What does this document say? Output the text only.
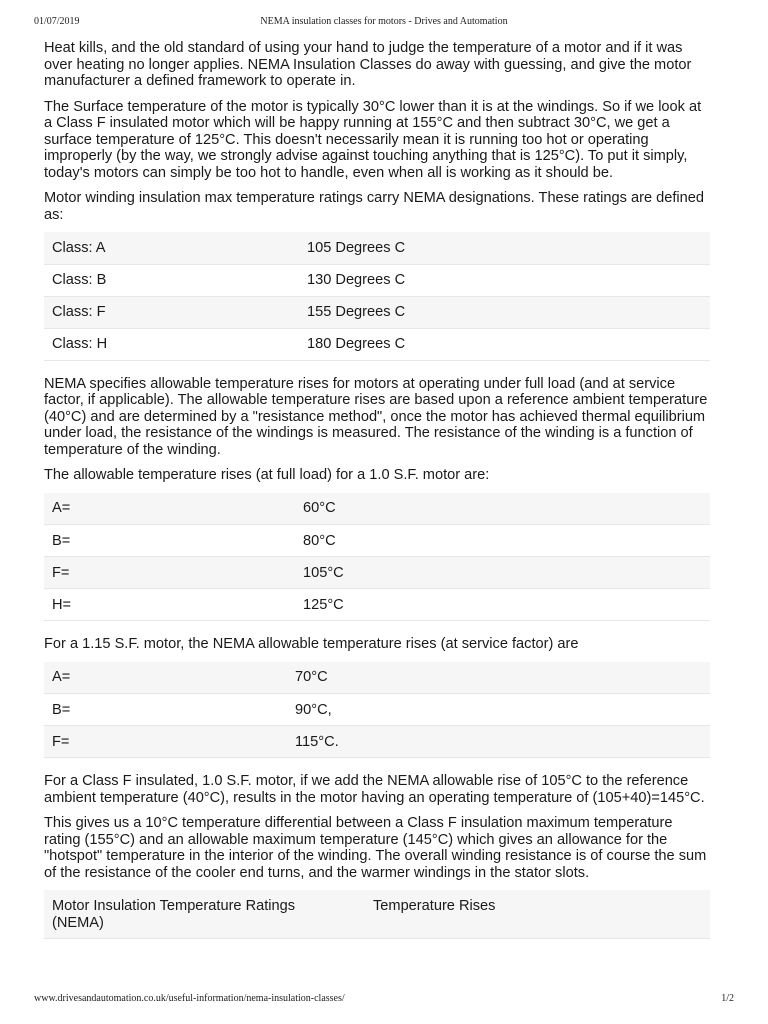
01/07/2019	NEMA insulation classes for motors - Drives and Automation

Heat kills, and the old standard of using your hand to judge the temperature of a motor and if it was over heating no longer applies. NEMA Insulation Classes do away with guessing, and give the motor manufacturer a defined framework to operate in.

The Surface temperature of the motor is typically 30°C lower than it is at the windings. So if we look at a Class F insulated motor which will be happy running at 155°C and then subtract 30°C, we get a surface temperature of 125°C. This doesn't necessarily mean it is running too hot or operating improperly (by the way, we strongly advise against touching anything that is 125°C). To put it simply, today's motors can simply be too hot to handle, even when all is working as it should be.

Motor winding insulation max temperature ratings carry NEMA designations. These ratings are defined as:

Class: A	105 Degrees C
Class: B	130 Degrees C
Class: F	155 Degrees C
Class: H	180 Degrees C

NEMA specifies allowable temperature rises for motors at operating under full load (and at service factor, if applicable). The allowable temperature rises are based upon a reference ambient temperature (40°C) and are determined by a "resistance method", once the motor has achieved thermal equilibrium under load, the resistance of the windings is measured. The resistance of the winding is a function of temperature of the winding.

The allowable temperature rises (at full load) for a 1.0 S.F. motor are:

A=	60°C
B=	80°C
F=	105°C
H=	125°C

For a 1.15 S.F. motor, the NEMA allowable temperature rises (at service factor) are

A=	70°C
B=	90°C,
F=	115°C.

For a Class F insulated, 1.0 S.F. motor, if we add the NEMA allowable rise of 105°C to the reference ambient temperature (40°C), results in the motor having an operating temperature of (105+40)=145°C.

This gives us a 10°C temperature differential between a Class F insulation maximum temperature rating (155°C) and an allowable maximum temperature (145°C) which gives an allowance for the "hotspot" temperature in the interior of the winding. The overall winding resistance is of course the sum of the resistance of the cooler end turns, and the warmer windings in the stator slots.

Motor Insulation Temperature Ratings (NEMA)	Temperature Rises
www.drivesandautomation.co.uk/useful-information/nema-insulation-classes/	1/2
